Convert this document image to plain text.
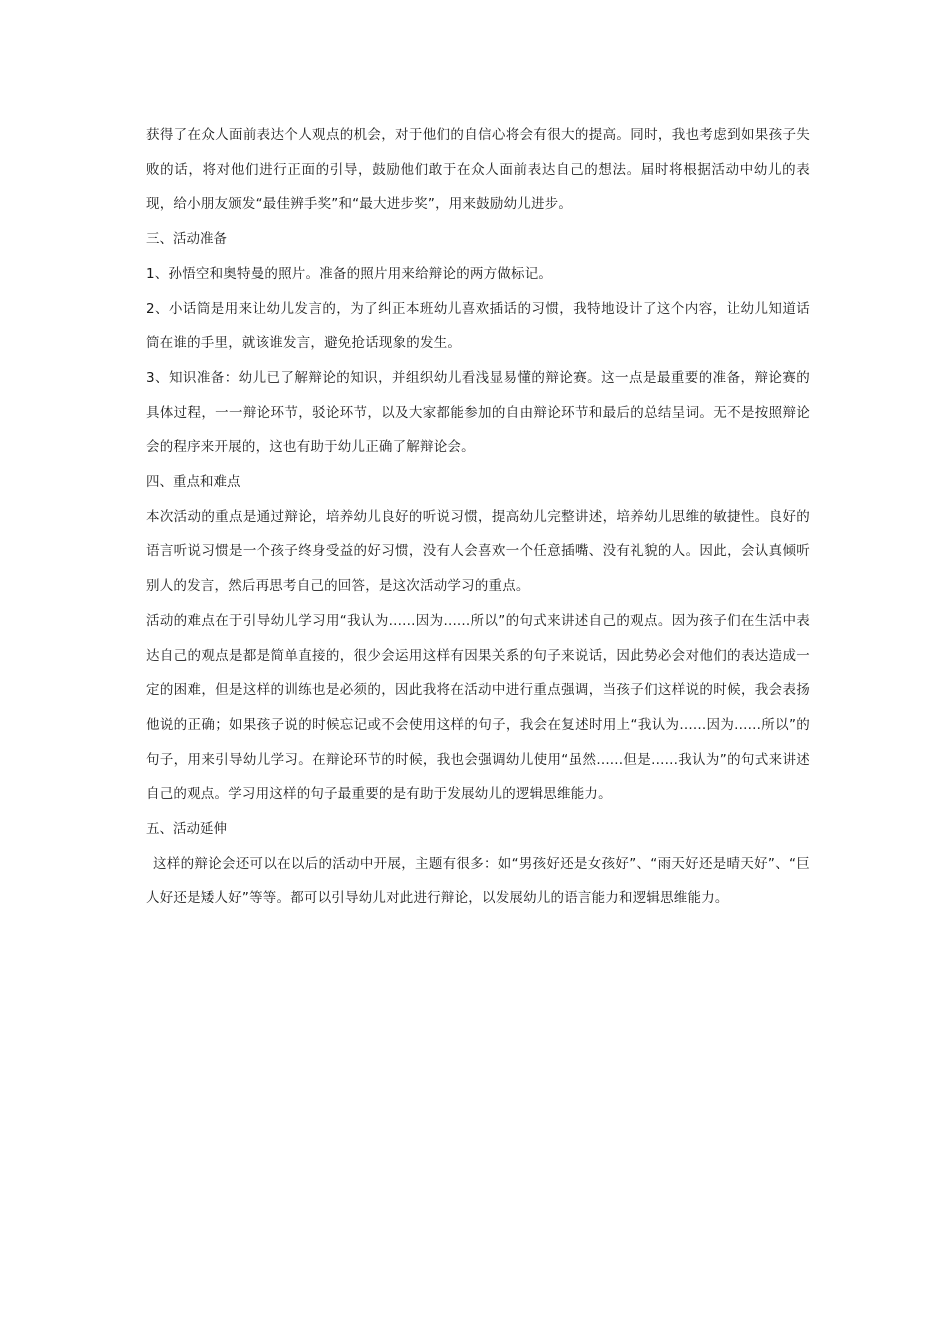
获得了在众人面前表达个人观点的机会，对于他们的自信心将会有很大的提高。同时，我也考虑到如果孩子失败的话，将对他们进行正面的引导，鼓励他们敢于在众人面前表达自己的想法。届时将根据活动中幼儿的表现，给小朋友颁发“最佳辨手奖”和“最大进步奖”，用来鼓励幼儿进步。

三、活动准备

1、孙悟空和奥特曼的照片。准备的照片用来给辩论的两方做标记。

2、小话筒是用来让幼儿发言的，为了纠正本班幼儿喜欢插话的习惯，我特地设计了这个内容，让幼儿知道话筒在谁的手里，就该谁发言，避免抢话现象的发生。

3、知识准备：幼儿已了解辩论的知识，并组织幼儿看浅显易懂的辩论赛。这一点是最重要的准备，辩论赛的具体过程，一一辩论环节，驳论环节，以及大家都能参加的自由辩论环节和最后的总结呈词。无不是按照辩论会的程序来开展的，这也有助于幼儿正确了解辩论会。

四、重点和难点

本次活动的重点是通过辩论，培养幼儿良好的听说习惯，提高幼儿完整讲述，培养幼儿思维的敏捷性。良好的语言听说习惯是一个孩子终身受益的好习惯，没有人会喜欢一个任意插嘴、没有礼貌的人。因此，会认真倾听别人的发言，然后再思考自己的回答，是这次活动学习的重点。

活动的难点在于引导幼儿学习用“我认为......因为......所以”的句式来讲述自己的观点。因为孩子们在生活中表达自己的观点是都是简单直接的，很少会运用这样有因果关系的句子来说话，因此势必会对他们的表达造成一定的困难，但是这样的训练也是必须的，因此我将在活动中进行重点强调，当孩子们这样说的时候，我会表扬他说的正确；如果孩子说的时候忘记或不会使用这样的句子，我会在复述时用上“我认为......因为......所以”的句子，用来引导幼儿学习。在辩论环节的时候，我也会强调幼儿使用“虽然......但是......我认为”的句式来讲述自己的观点。学习用这样的句子最重要的是有助于发展幼儿的逻辑思维能力。

五、活动延伸

这样的辩论会还可以在以后的活动中开展，主题有很多：如“男孩好还是女孩好”、“雨天好还是晴天好”、“巨人好还是矮人好”等等。都可以引导幼儿对此进行辩论，以发展幼儿的语言能力和逻辑思维能力。
